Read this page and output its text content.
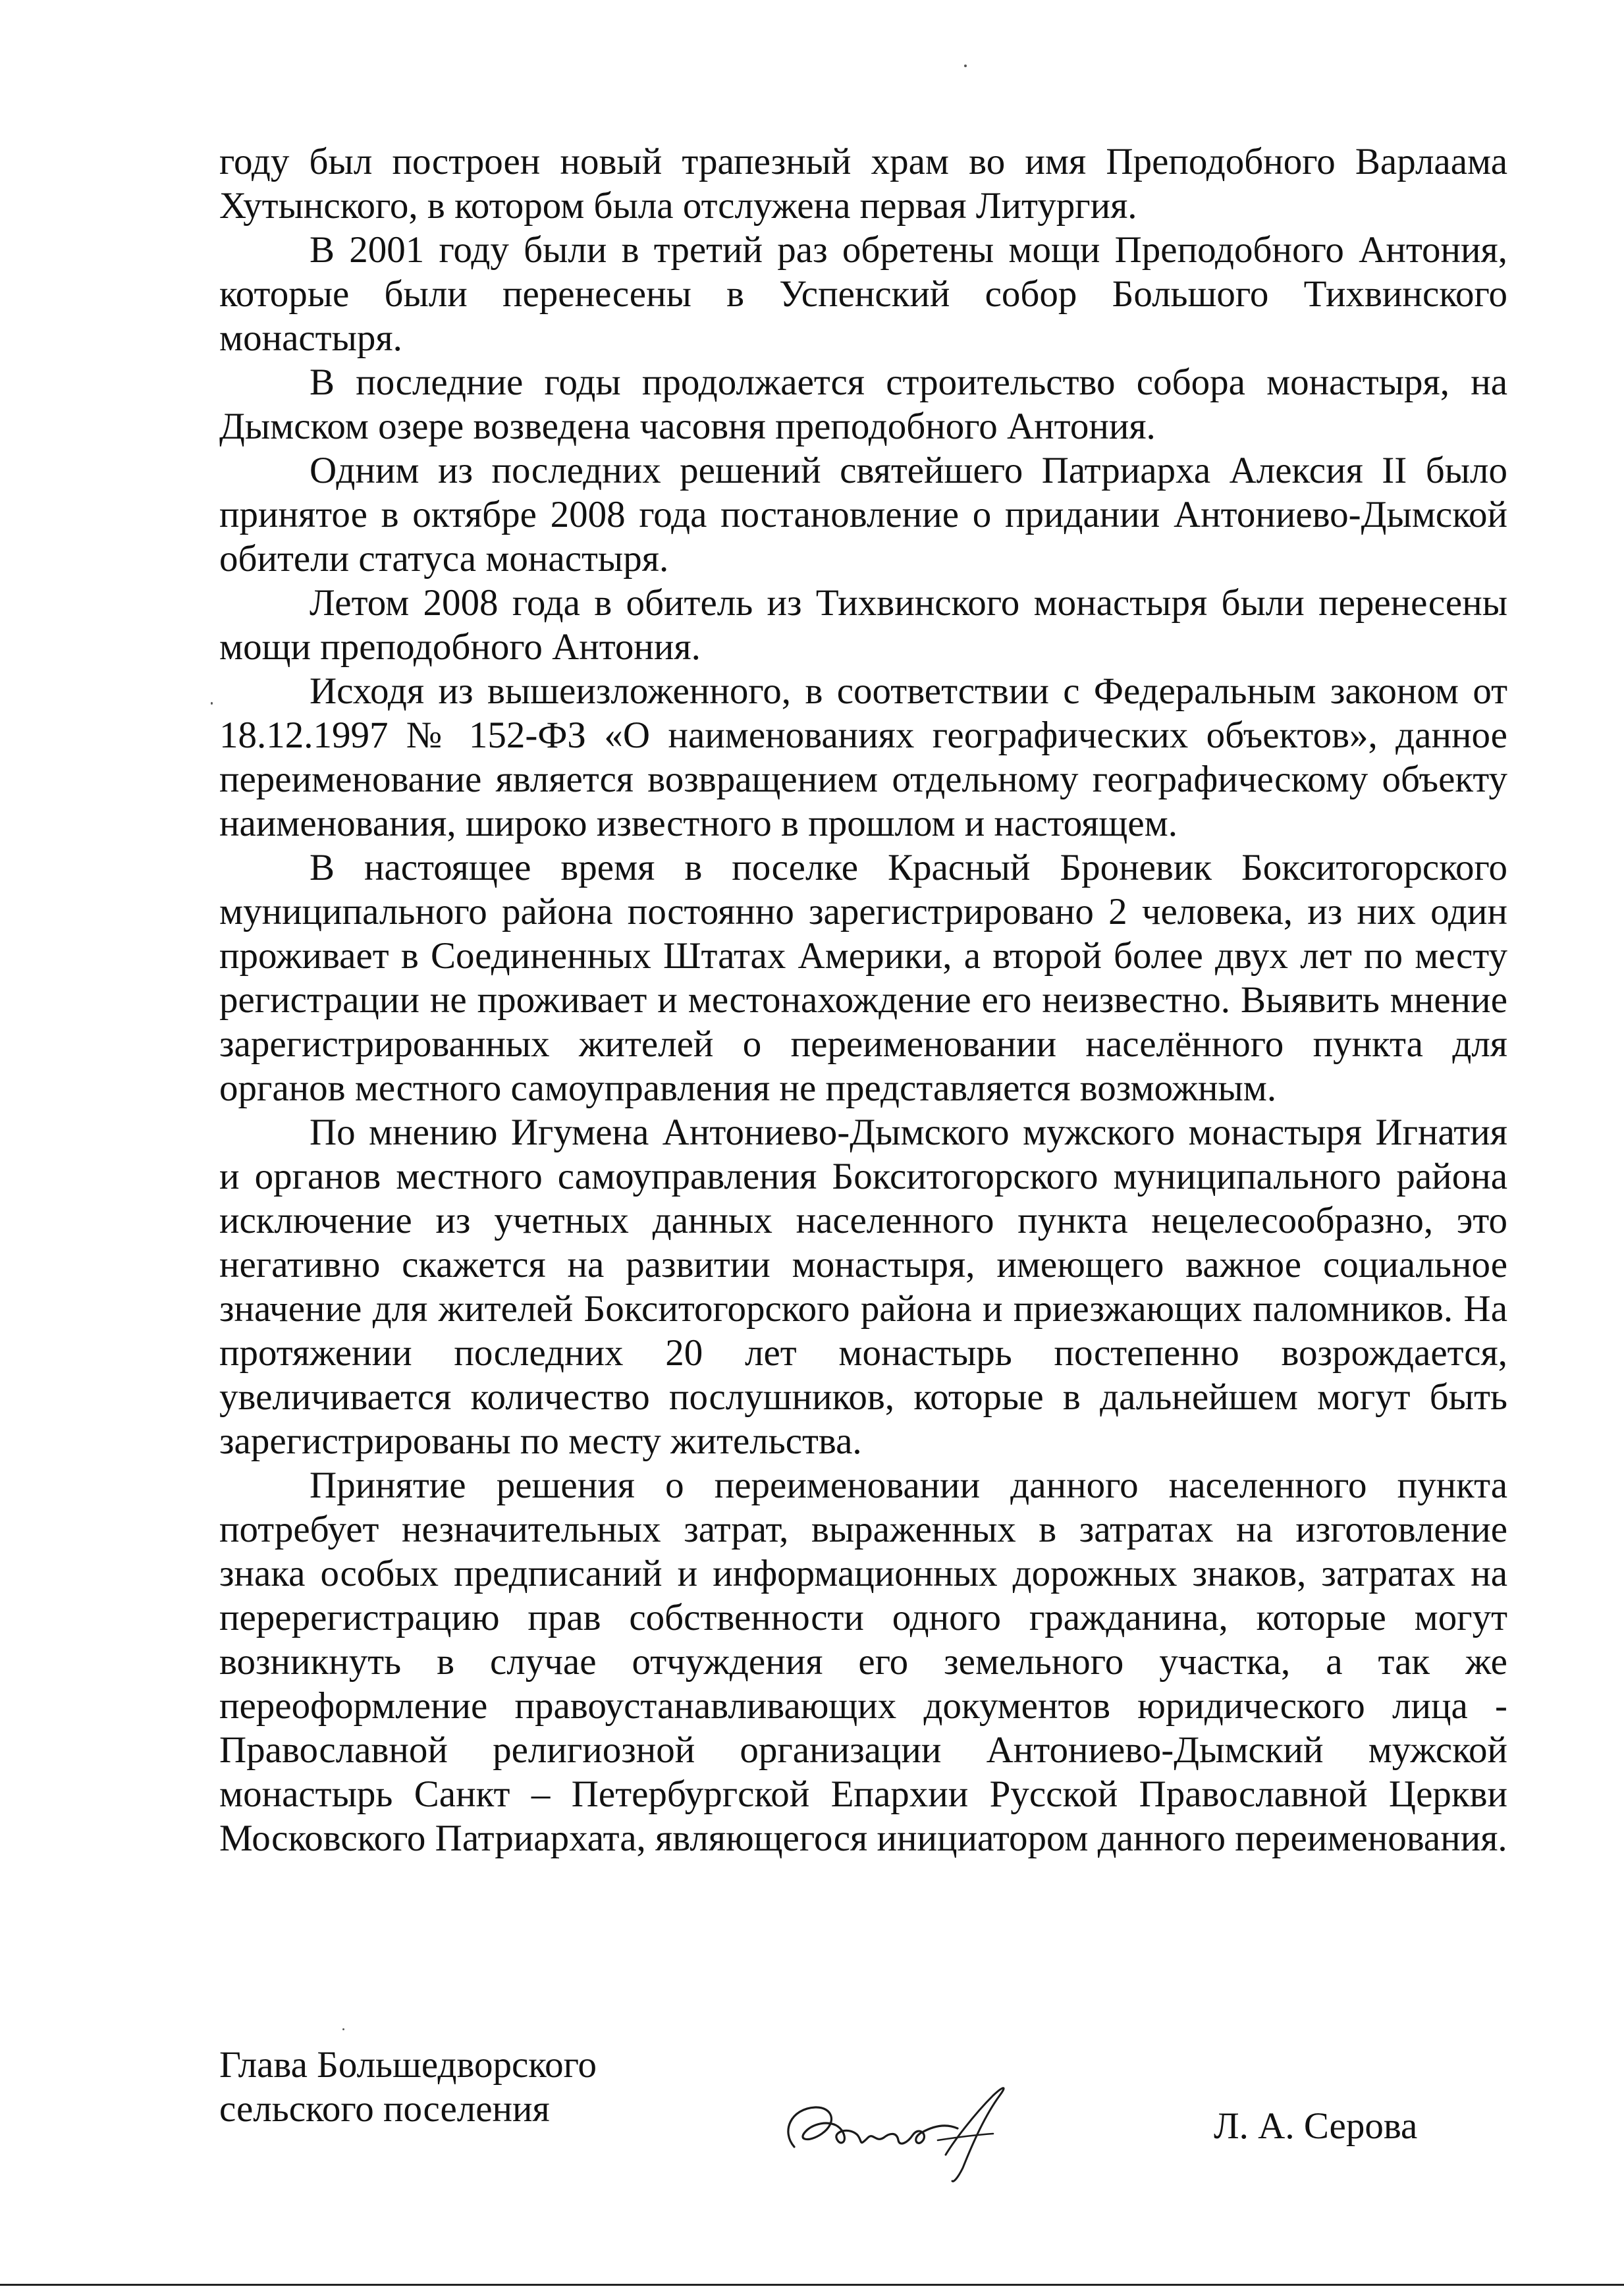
году был построен новый трапезный храм во имя Преподобного Варлаама Хутынского, в котором была отслужена первая Литургия.

В 2001 году были в третий раз обретены мощи Преподобного Антония, которые были перенесены в Успенский собор Большого Тихвинского монастыря.

В последние годы продолжается строительство собора монастыря, на Дымском озере возведена часовня преподобного Антония.

Одним из последних решений святейшего Патриарха Алексия II было принятое в октябре 2008 года постановление о придании Антониево-Дымской обители статуса монастыря.

Летом 2008 года в обитель из Тихвинского монастыря были перенесены мощи преподобного Антония.

Исходя из вышеизложенного, в соответствии с Федеральным законом от 18.12.1997 № 152-ФЗ «О наименованиях географических объектов», данное переименование является возвращением отдельному географическому объекту наименования, широко известного в прошлом и настоящем.

В настоящее время в поселке Красный Броневик Бокситогорского муниципального района постоянно зарегистрировано 2 человека, из них один проживает в Соединенных Штатах Америки, а второй более двух лет по месту регистрации не проживает и местонахождение его неизвестно. Выявить мнение зарегистрированных жителей о переименовании населённого пункта для органов местного самоуправления не представляется возможным.

По мнению Игумена Антониево-Дымского мужского монастыря Игнатия и органов местного самоуправления Бокситогорского муниципального района исключение из учетных данных населенного пункта нецелесообразно, это негативно скажется на развитии монастыря, имеющего важное социальное значение для жителей Бокситогорского района и приезжающих паломников. На протяжении последних 20 лет монастырь постепенно возрождается, увеличивается количество послушников, которые в дальнейшем могут быть зарегистрированы по месту жительства.

Принятие решения о переименовании данного населенного пункта потребует незначительных затрат, выраженных в затратах на изготовление знака особых предписаний и информационных дорожных знаков, затратах на перерегистрацию прав собственности одного гражданина, которые могут возникнуть в случае отчуждения его земельного участка, а так же переоформление правоустанавливающих документов юридического лица - Православной религиозной организации Антониево-Дымский мужской монастырь Санкт – Петербургской Епархии Русской Православной Церкви Московского Патриархата, являющегося инициатором данного переименования.

Глава Большедворского
сельского поселения	Л. А. Серова
